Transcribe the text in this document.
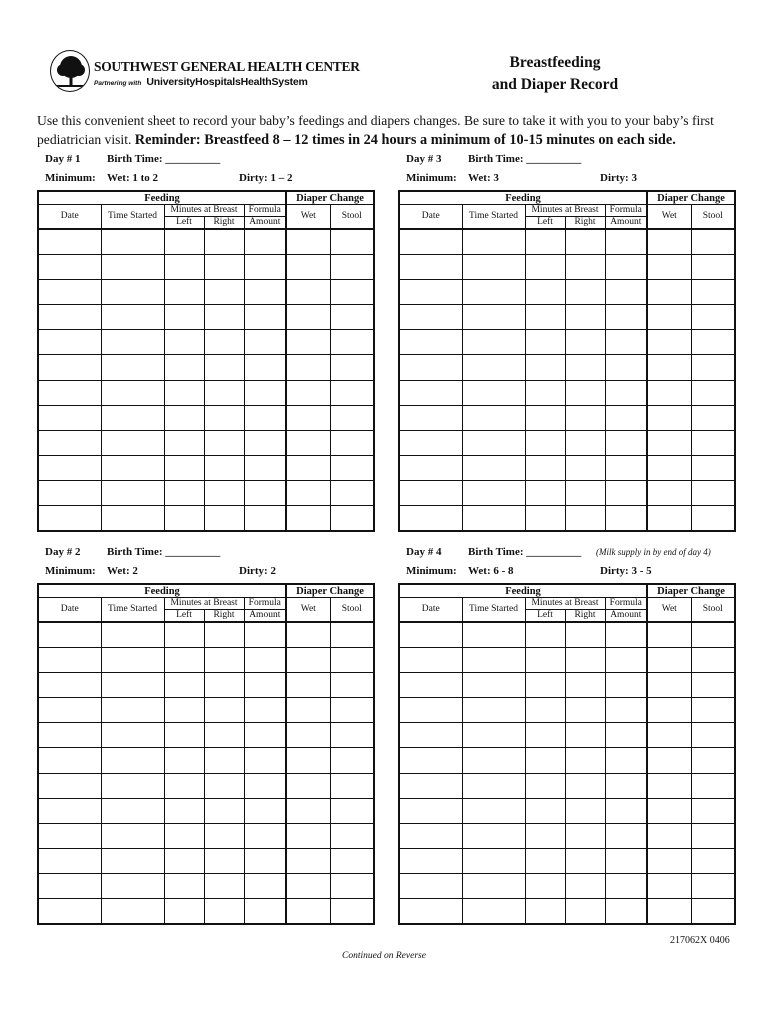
SOUTHWEST GENERAL HEALTH CENTER
Partnering with UniversityHospitalsHealthSystem
Breastfeeding
and Diaper Record
Use this convenient sheet to record your baby’s feedings and diapers changes. Be sure to take it with you to your baby’s first pediatrician visit. Reminder: Breastfeed 8 – 12 times in 24 hours a minimum of 10-15 minutes on each side.
Day # 1 Birth Time: __________
Minimum: Wet: 1 to 2	Dirty: 1 – 2
Feeding					Diaper Change	
Date	Time Started	Minutes at Breast		Formula	Wet	Stool
		Left	Right	Amount		

Day # 2 Birth Time: __________
Minimum: Wet: 2	Dirty: 2
Feeding					Diaper Change	
Date	Time Started	Minutes at Breast		Formula	Wet	Stool
		Left	Right	Amount		

Day # 3 Birth Time: __________
Minimum: Wet: 3	Dirty: 3
Feeding					Diaper Change	
Date	Time Started	Minutes at Breast		Formula	Wet	Stool
		Left	Right	Amount		

Day # 4 Birth Time: __________ (Milk supply in by end of day 4)
Minimum: Wet: 6 - 8	Dirty: 3 - 5
Feeding					Diaper Change	
Date	Time Started	Minutes at Breast		Formula	Wet	Stool
		Left	Right	Amount		

217062X 0406
Continued on Reverse
